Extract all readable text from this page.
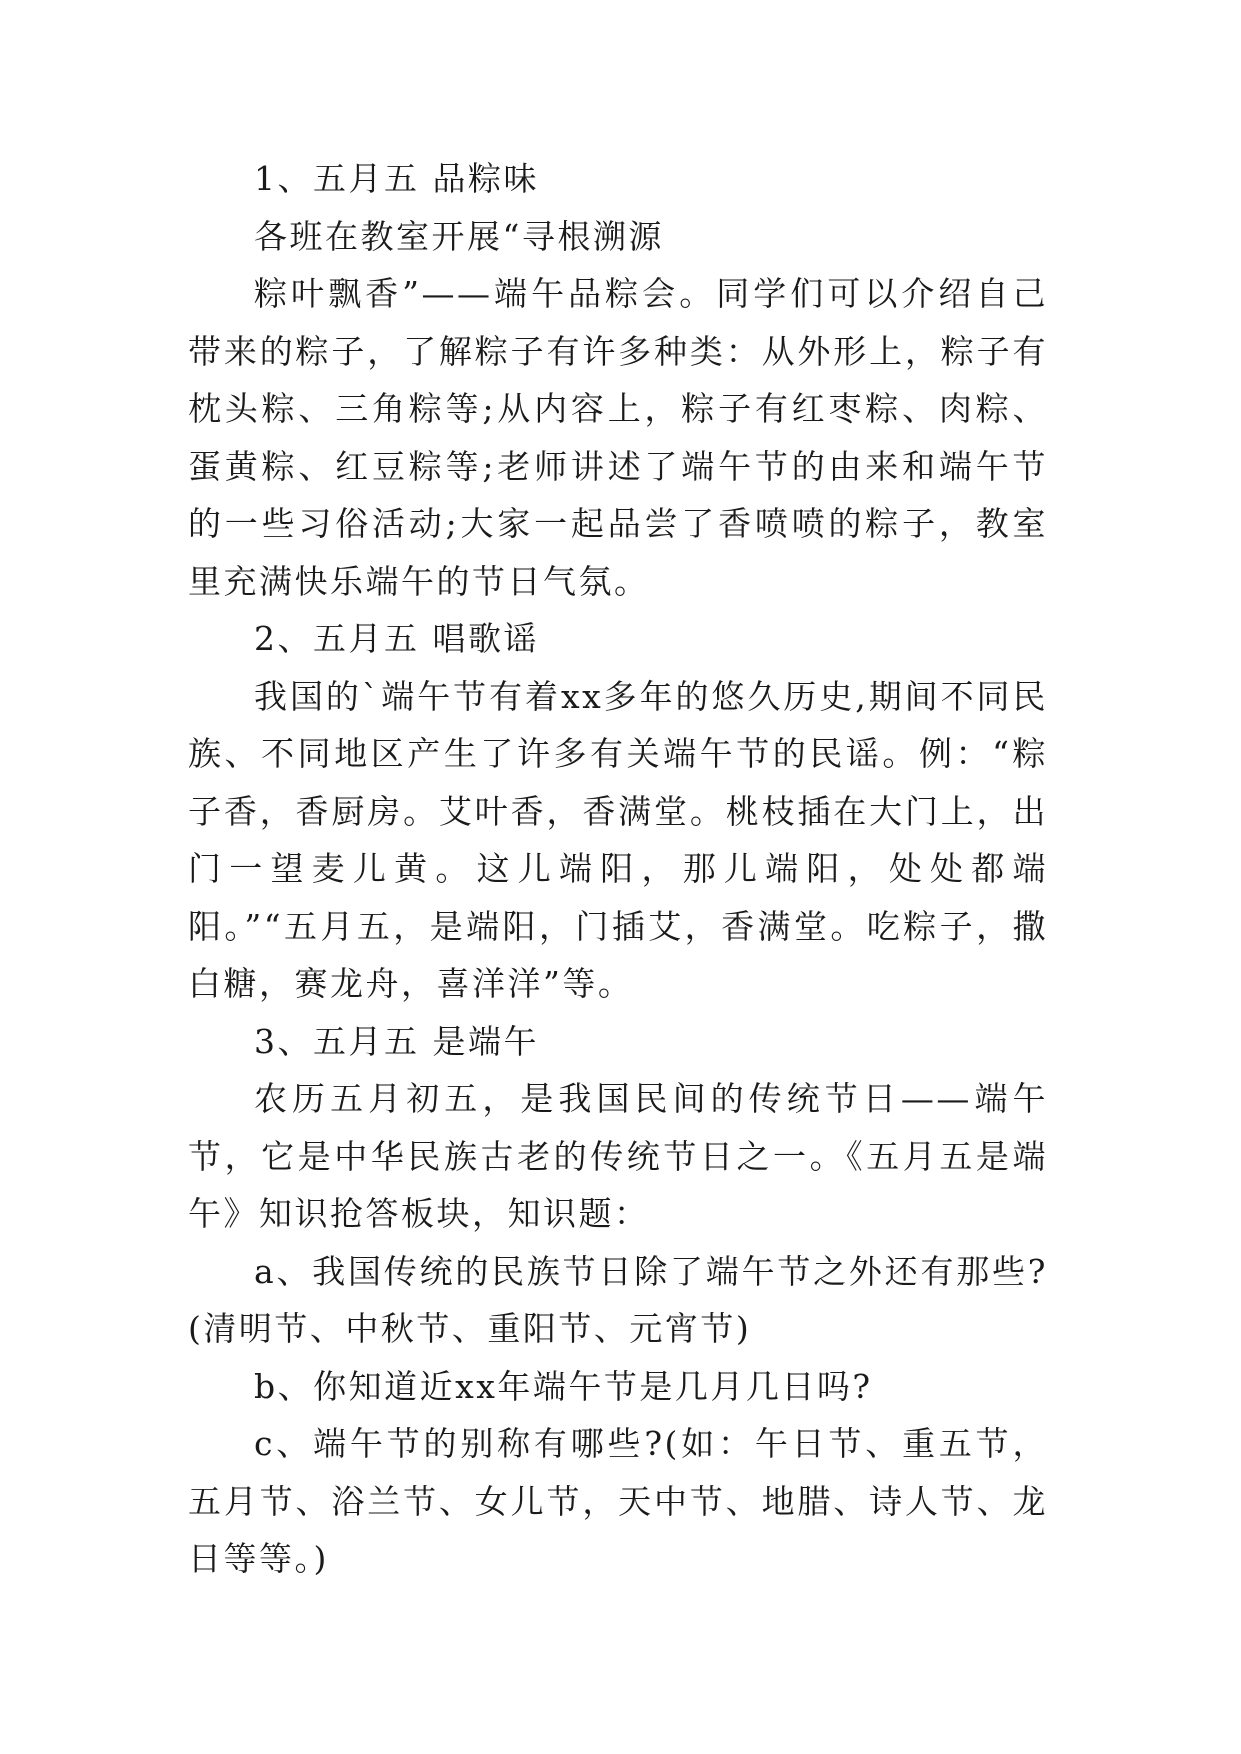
1、五月五 品粽味

各班在教室开展“寻根溯源

粽叶飘香”——端午品粽会。同学们可以介绍自己带来的粽子，了解粽子有许多种类：从外形上，粽子有枕头粽、三角粽等;从内容上，粽子有红枣粽、肉粽、蛋黄粽、红豆粽等;老师讲述了端午节的由来和端午节的一些习俗活动;大家一起品尝了香喷喷的粽子，教室里充满快乐端午的节日气氛。

2、五月五 唱歌谣

我国的`端午节有着xx多年的悠久历史,期间不同民族、不同地区产生了许多有关端午节的民谣。例：“粽子香，香厨房。艾叶香，香满堂。桃枝插在大门上，出门一望麦儿黄。这儿端阳，那儿端阳，处处都端阳。”“五月五，是端阳，门插艾，香满堂。吃粽子，撒白糖，赛龙舟，喜洋洋”等。

3、五月五 是端午

农历五月初五，是我国民间的传统节日——端午节，它是中华民族古老的传统节日之一。《五月五是端午》知识抢答板块，知识题：

a、我国传统的民族节日除了端午节之外还有那些?(清明节、中秋节、重阳节、元宵节)

b、你知道近xx年端午节是几月几日吗?

c、端午节的别称有哪些?(如：午日节、重五节，五月节、浴兰节、女儿节，天中节、地腊、诗人节、龙日等等。)
